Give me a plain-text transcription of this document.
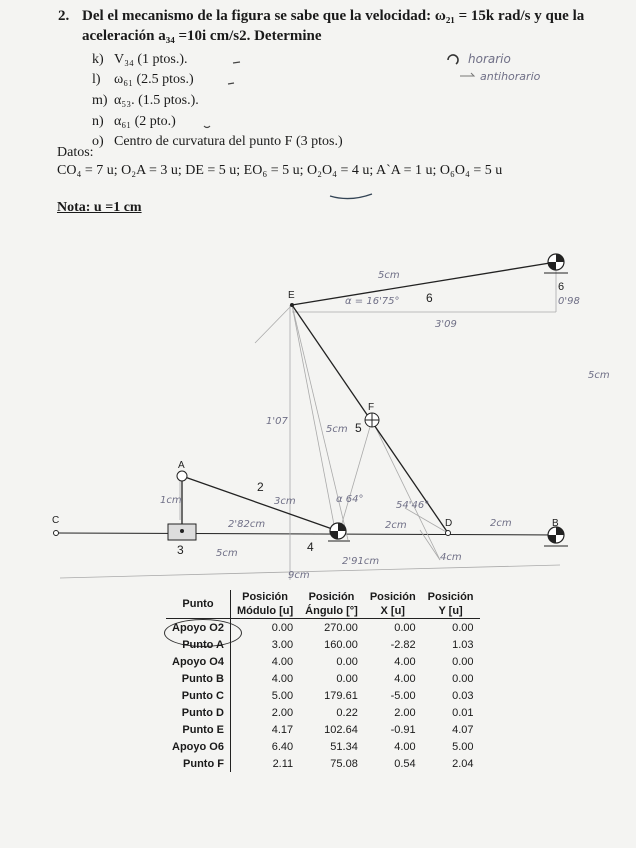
2. Del el mecanismo de la figura se sabe que la velocidad: ω₂₁ = 15k rad/s y que la
aceleración a₃₄ =10i cm/s2. Determine
k) V₃₄ (1 ptos.).
l) ω₆₁ (2.5 ptos.)
m) α₅₃. (1.5 ptos.).
n) α₆₁ (2 pto.)
o) Centro de curvatura del punto F (3 ptos.)
horario
antihorario
Datos:
CO₄ = 7 u; O₂A = 3 u; DE = 5 u; EO₆ = 5 u; O₂O₄ = 4 u; A`A = 1 u; O₆O₄ = 5 u
Nota: u =1 cm
E
D
F
A
C	B
6
5
2
3	4
6
5cm
α = 16'75°
3'09
0'98
5cm
5cm
1'07
3cm
1cm
2'82cm
5cm
α 64°
54'46°
2cm	2cm
4cm
2'91cm
9cm
Punto	Posición	Posición	Posición	Posición
	Módulo [u]	Ángulo [°]	X [u]	Y [u]
Apoyo O2	0.00	270.00	0.00	0.00
Punto A	3.00	160.00	-2.82	1.03
Apoyo O4	4.00	0.00	4.00	0.00
Punto B	4.00	0.00	4.00	0.00
Punto C	5.00	179.61	-5.00	0.03
Punto D	2.00	0.22	2.00	0.01
Punto E	4.17	102.64	-0.91	4.07
Apoyo O6	6.40	51.34	4.00	5.00
Punto F	2.11	75.08	0.54	2.04
